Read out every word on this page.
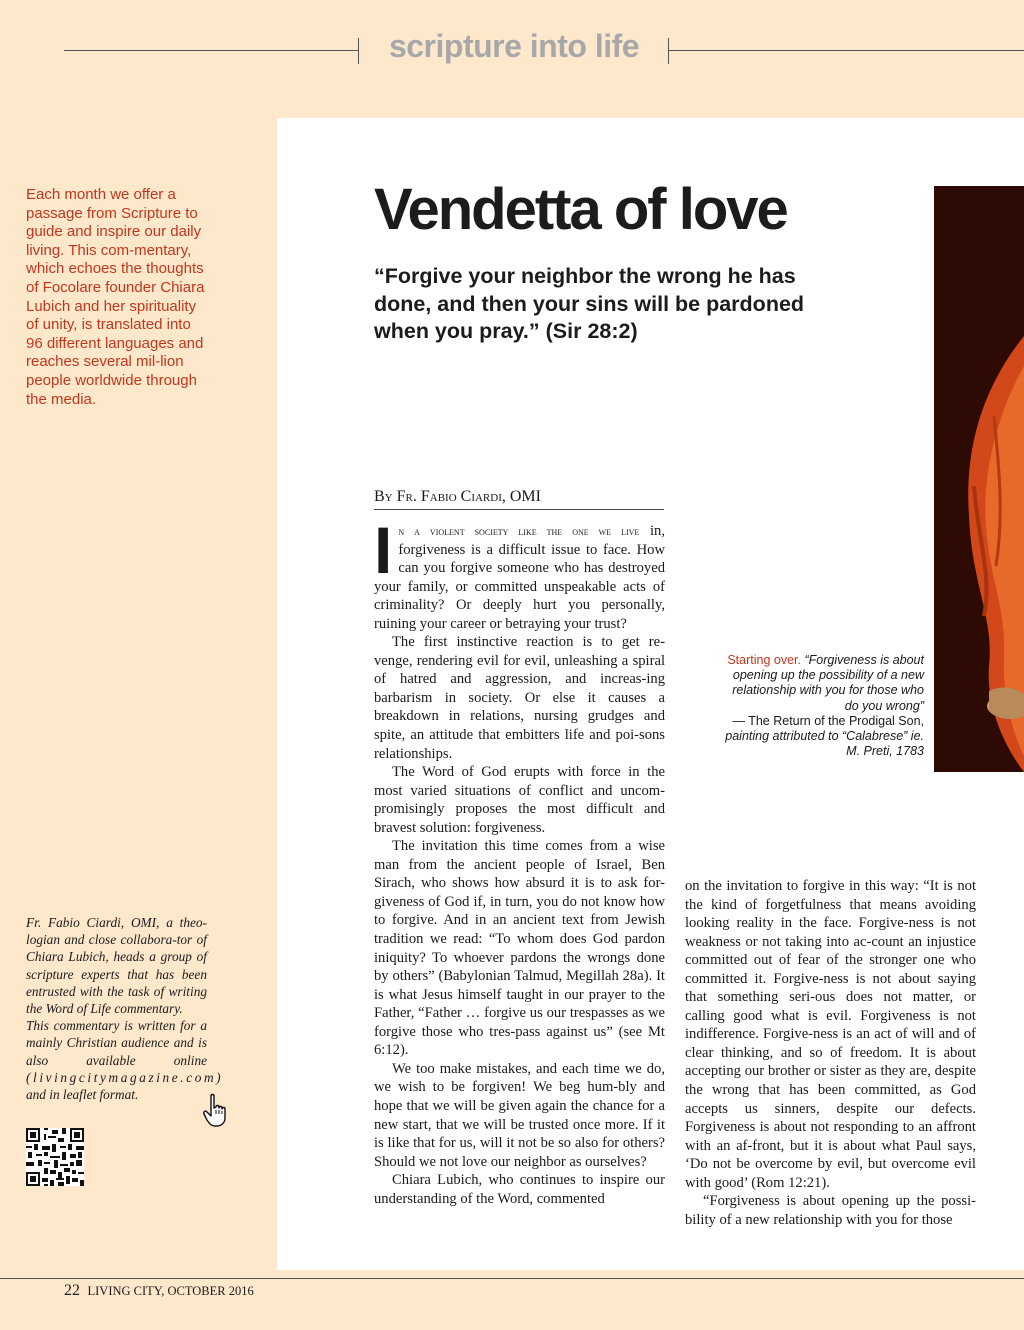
scripture into life
Each month we offer a passage from Scripture to guide and inspire our daily living. This com-mentary, which echoes the thoughts of Focolare founder Chiara Lubich and her spirituality of unity, is translated into 96 different languages and reaches several mil-lion people worldwide through the media.
Vendetta of love
“Forgive your neighbor the wrong he has done, and then your sins will be pardoned when you pray.” (Sir 28:2)
By Fr. Fabio Ciardi, OMI

In a violent society like the one we live in, forgiveness is a difficult issue to face. How can you forgive someone who has destroyed your family, or committed unspeakable acts of criminality? Or deeply hurt you personally, ruining your career or betraying your trust?

The first instinctive reaction is to get re-venge, rendering evil for evil, unleashing a spiral of hatred and aggression, and increas-ing barbarism in society. Or else it causes a breakdown in relations, nursing grudges and spite, an attitude that embitters life and poi-sons relationships.

The Word of God erupts with force in the most varied situations of conflict and uncom-promisingly proposes the most difficult and bravest solution: forgiveness.

The invitation this time comes from a wise man from the ancient people of Israel, Ben Sirach, who shows how absurd it is to ask for-giveness of God if, in turn, you do not know how to forgive. And in an ancient text from Jewish tradition we read: “To whom does God pardon iniquity? To whoever pardons the wrongs done by others” (Babylonian Talmud, Megillah 28a). It is what Jesus himself taught in our prayer to the Father, “Father … forgive us our trespasses as we forgive those who tres-pass against us” (see Mt 6:12).

We too make mistakes, and each time we do, we wish to be forgiven! We beg hum-bly and hope that we will be given again the chance for a new start, that we will be trusted once more. If it is like that for us, will it not be so also for others? Should we not love our neighbor as ourselves?

Chiara Lubich, who continues to inspire our understanding of the Word, commented

on the invitation to forgive in this way: “It is not the kind of forgetfulness that means avoiding looking reality in the face. Forgive-ness is not weakness or not taking into ac-count an injustice committed out of fear of the stronger one who committed it. Forgive-ness is not about saying that something seri-ous does not matter, or calling good what is evil. Forgiveness is not indifference. Forgive-ness is an act of will and of clear thinking, and so of freedom. It is about accepting our brother or sister as they are, despite the wrong that has been committed, as God accepts us sinners, despite our defects. Forgiveness is about not responding to an affront with an af-front, but it is about what Paul says, ‘Do not be overcome by evil, but overcome evil with good’ (Rom 12:21).

“Forgiveness is about opening up the possi-bility of a new relationship with you for those

Starting over. “Forgiveness is about opening up the possibility of a new relationship with you for those who do you wrong”
— The Return of the Prodigal Son, painting attributed to “Calabrese” ie. M. Preti, 1783
Fr. Fabio Ciardi, OMI, a theo-logian and close collabora-tor of Chiara Lubich, heads a group of scripture experts that has been entrusted with the task of writing the Word of Life commentary.
This commentary is written for a mainly Christian audience and is also available online (livingcitymagazine.com) and in leaflet format.
22 LIVING CITY, OCTOBER 2016
